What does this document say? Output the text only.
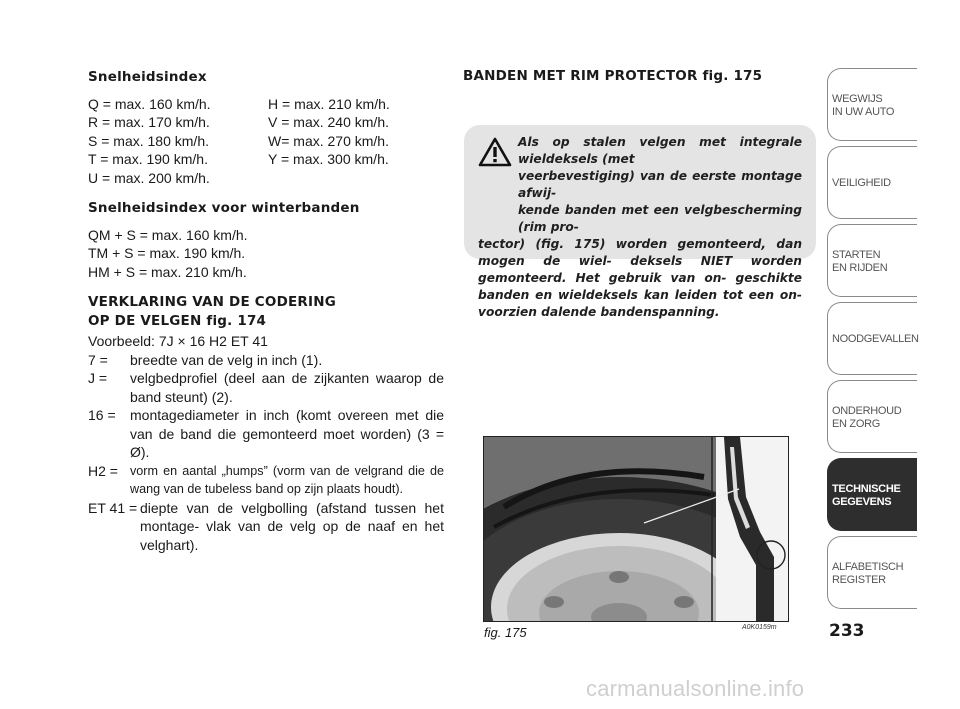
Snelheidsindex
Q = max. 160 km/h.	H = max. 210 km/h.
R = max. 170 km/h.	V = max. 240 km/h.
S = max. 180 km/h.	W= max. 270 km/h.
T = max. 190 km/h.	Y = max. 300 km/h.
U = max. 200 km/h.
Snelheidsindex voor winterbanden
QM + S = max. 160 km/h.
TM + S = max. 190 km/h.
HM + S = max. 210 km/h.
VERKLARING VAN DE CODERING
OP DE VELGEN fig. 174
Voorbeeld: 7J × 16 H2 ET 41
7 =	breedte van de velg in inch (1).
J =	velgbedprofiel (deel aan de zijkanten waarop de band steunt) (2).
16 =	montagediameter in inch (komt overeen met die van de band die gemonteerd moet worden) (3 = Ø).
H2 = vorm en aantal „humps” (vorm van de velgrand die de wang van de tubeless band op zijn plaats houdt).
ET 41 = diepte van de velgbolling (afstand tussen het montage- vlak van de velg op de naaf en het velghart).
BANDEN MET RIM PROTECTOR fig. 175
Als op stalen velgen met integrale wieldeksels (met
veerbevestiging) van de eerste montage afwij-
kende banden met een velgbescherming (rim pro-
tector) (fig. 175) worden gemonteerd, dan mogen de wiel- deksels NIET worden gemonteerd. Het gebruik van on- geschikte banden en wieldeksels kan leiden tot een on- voorzien dalende bandenspanning.
fig. 175	A0K0159m
WEGWIJS
IN UW AUTO
VEILIGHEID
STARTEN
EN RIJDEN
NOODGEVALLEN
ONDERHOUD
EN ZORG
TECHNISCHE
GEGEVENS
ALFABETISCH
REGISTER
233
carmanualsonline.info
